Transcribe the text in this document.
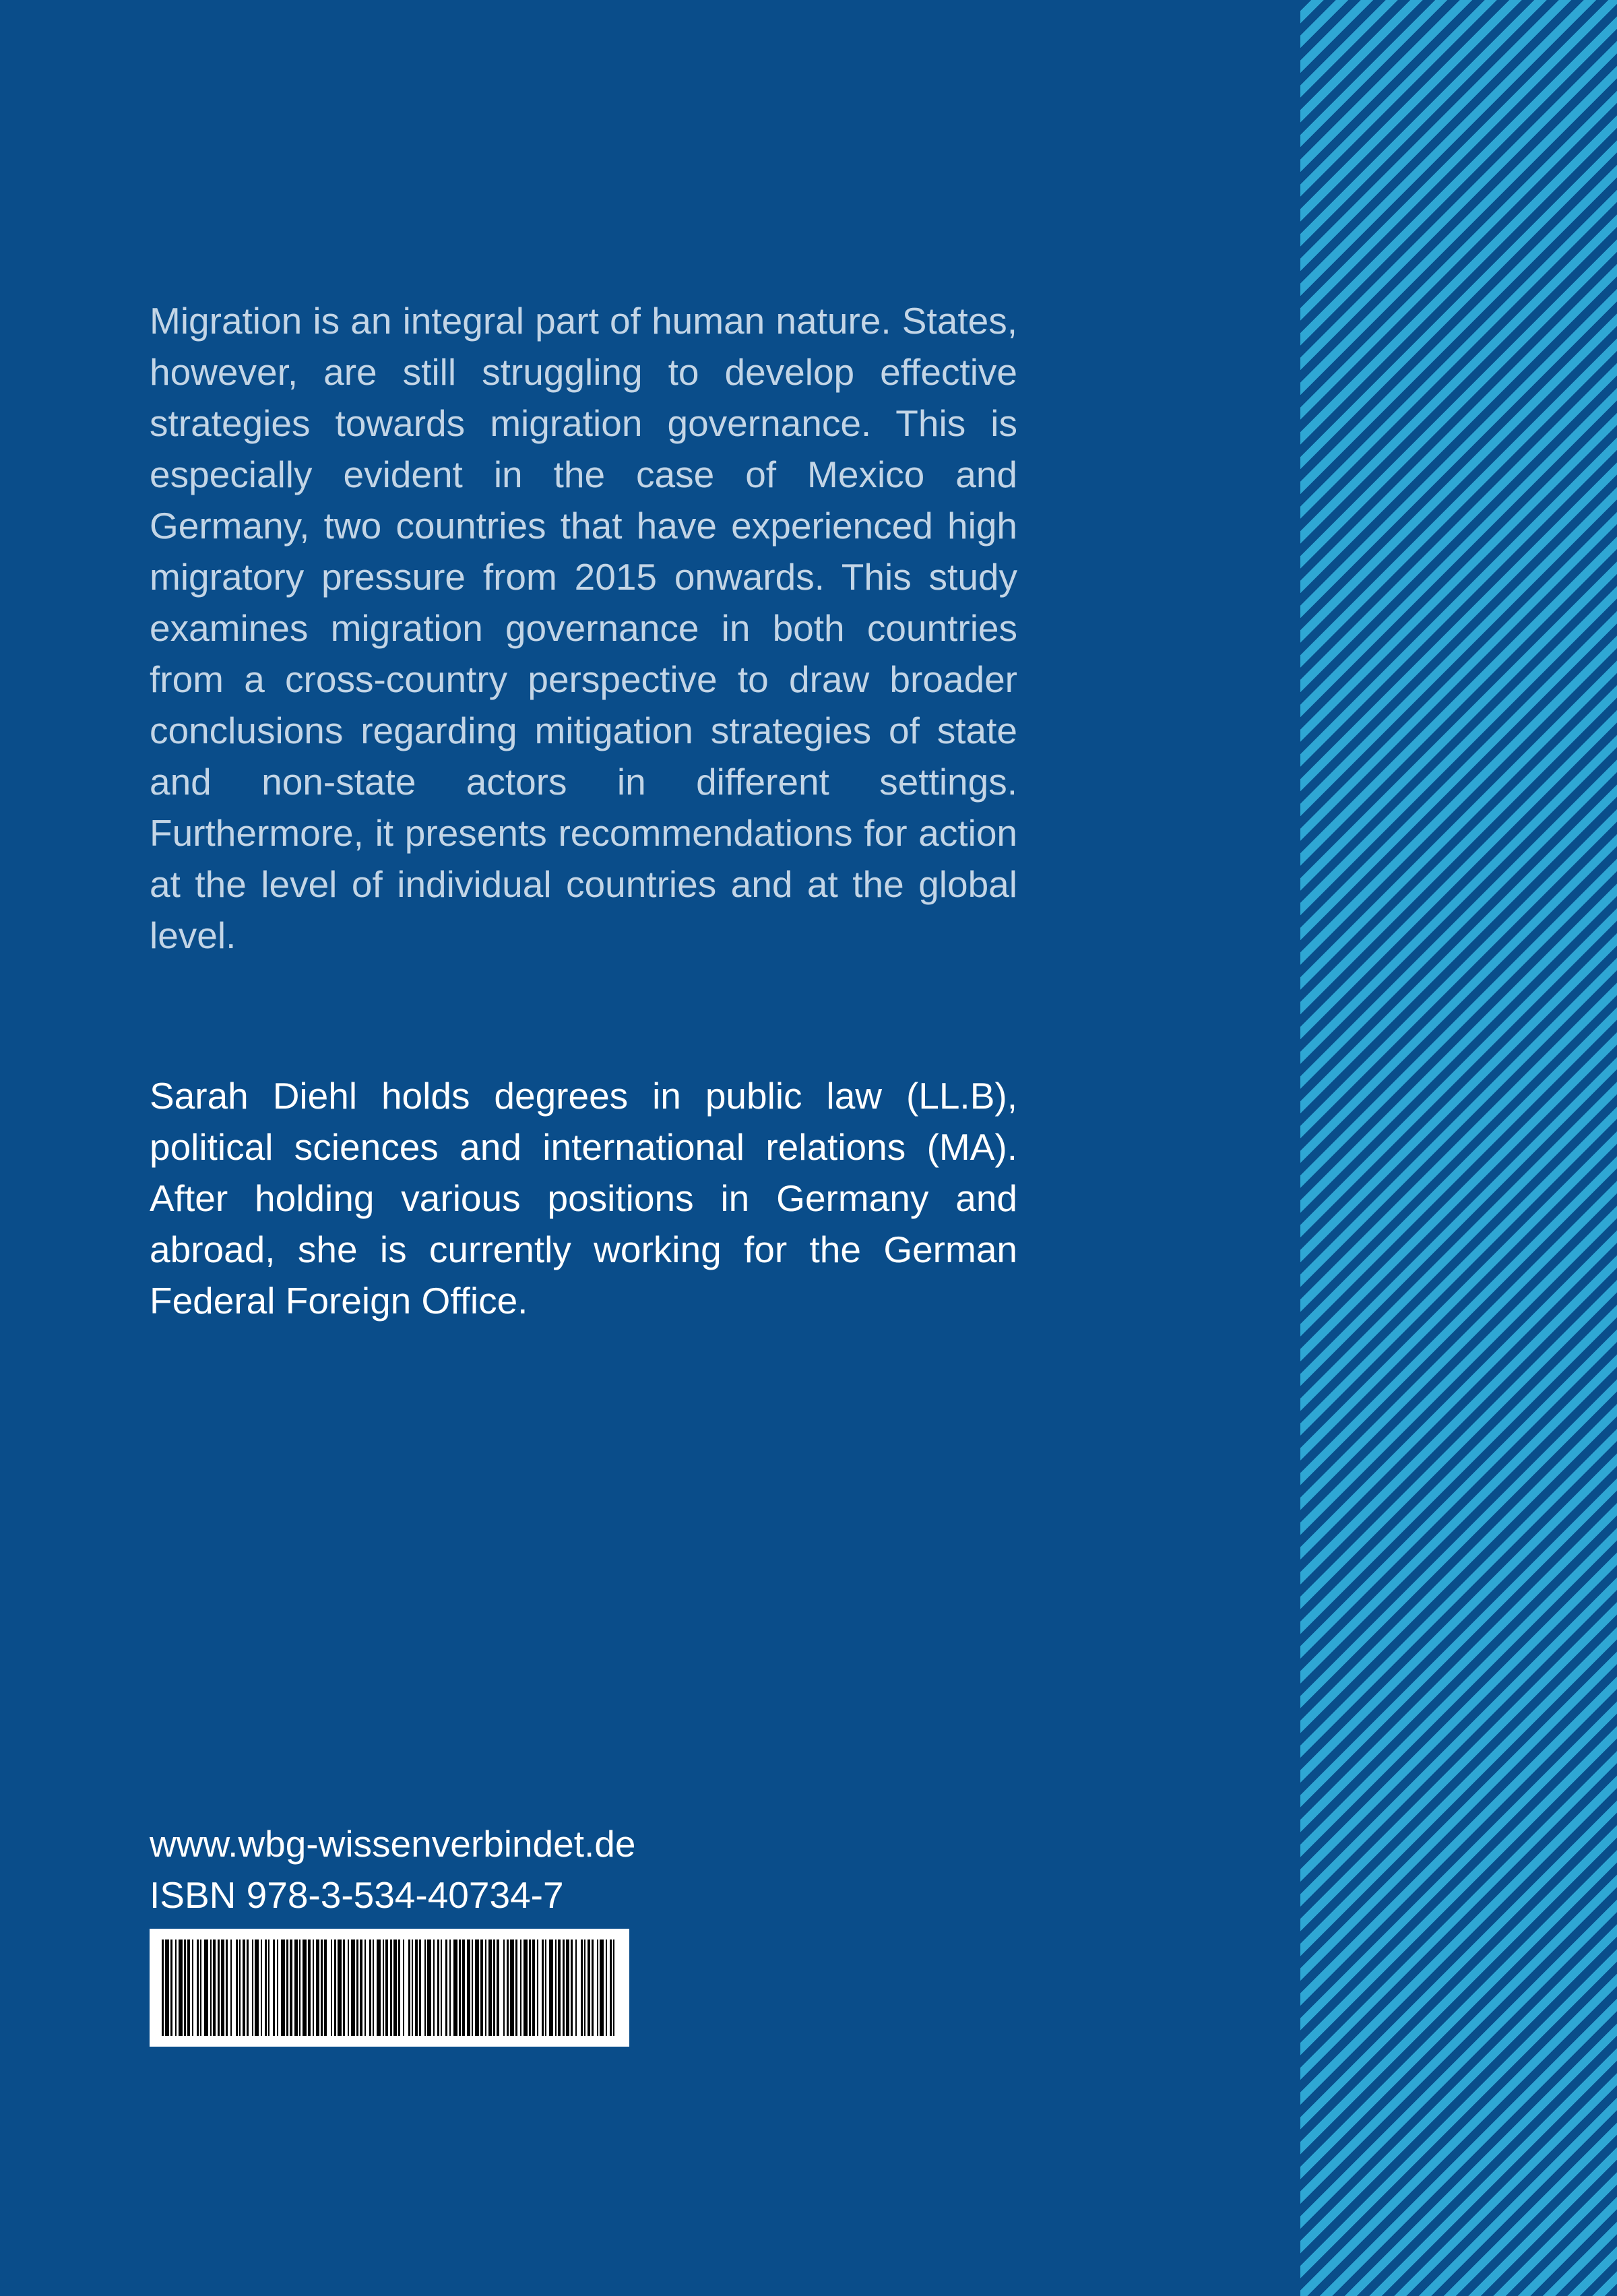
Migration is an integral part of human nature. States, however, are still struggling to develop effective strategies towards migration governance. This is especially evident in the case of Mexico and Germany, two countries that have experienced high migratory pressure from 2015 onwards. This study examines migration governance in both countries from a cross-country perspective to draw broader conclusions regarding mitigation strategies of state and non-state actors in different settings. Furthermore, it presents recommendations for action at the level of individual countries and at the global level.

Sarah Diehl holds degrees in public law (LL.B), political sciences and international relations (MA). After holding various positions in Germany and abroad, she is currently working for the German Federal Foreign Office.

www.wbg-wissenverbindet.de
ISBN 978-3-534-40734-7
